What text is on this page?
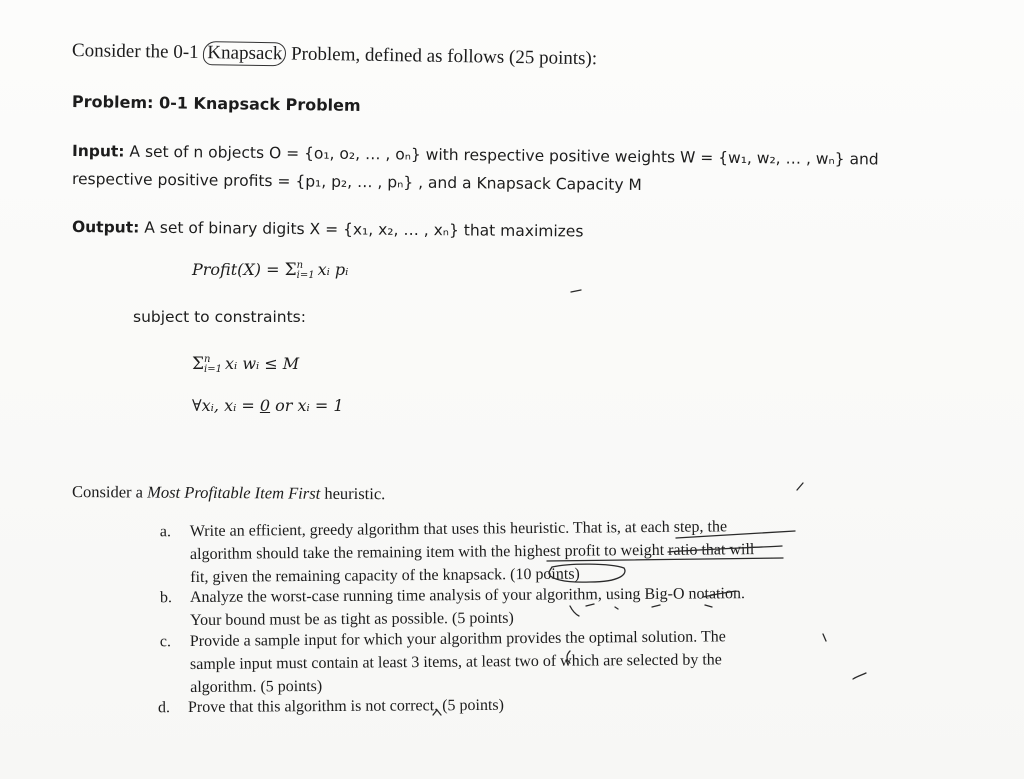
Consider the 0-1 Knapsack Problem, defined as follows (25 points):
Problem: 0-1 Knapsack Problem
Input: A set of n objects O = {o₁, o₂, … , oₙ} with respective positive weights W = {w₁, w₂, … , wₙ} and
respective positive profits = {p₁, p₂, … , pₙ} , and a Knapsack Capacity M
Output: A set of binary digits X = {x₁, x₂, … , xₙ} that maximizes
Profit(X) = Σ n
i=1 xᵢ pᵢ
subject to constraints:
Σ n
i=1 xᵢ wᵢ ≤ M
∀xᵢ, xᵢ = 0 or xᵢ = 1
Consider a Most Profitable Item First heuristic.
a. Write an efficient, greedy algorithm that uses this heuristic. That is, at each step, the
algorithm should take the remaining item with the highest profit to weight ratio that will
fit, given the remaining capacity of the knapsack. (10 points)
b. Analyze the worst-case running time analysis of your algorithm, using Big-O notation.
Your bound must be as tight as possible. (5 points)
c. Provide a sample input for which your algorithm provides the optimal solution. The
sample input must contain at least 3 items, at least two of which are selected by the
algorithm. (5 points)
d. Prove that this algorithm is not correct. (5 points)
